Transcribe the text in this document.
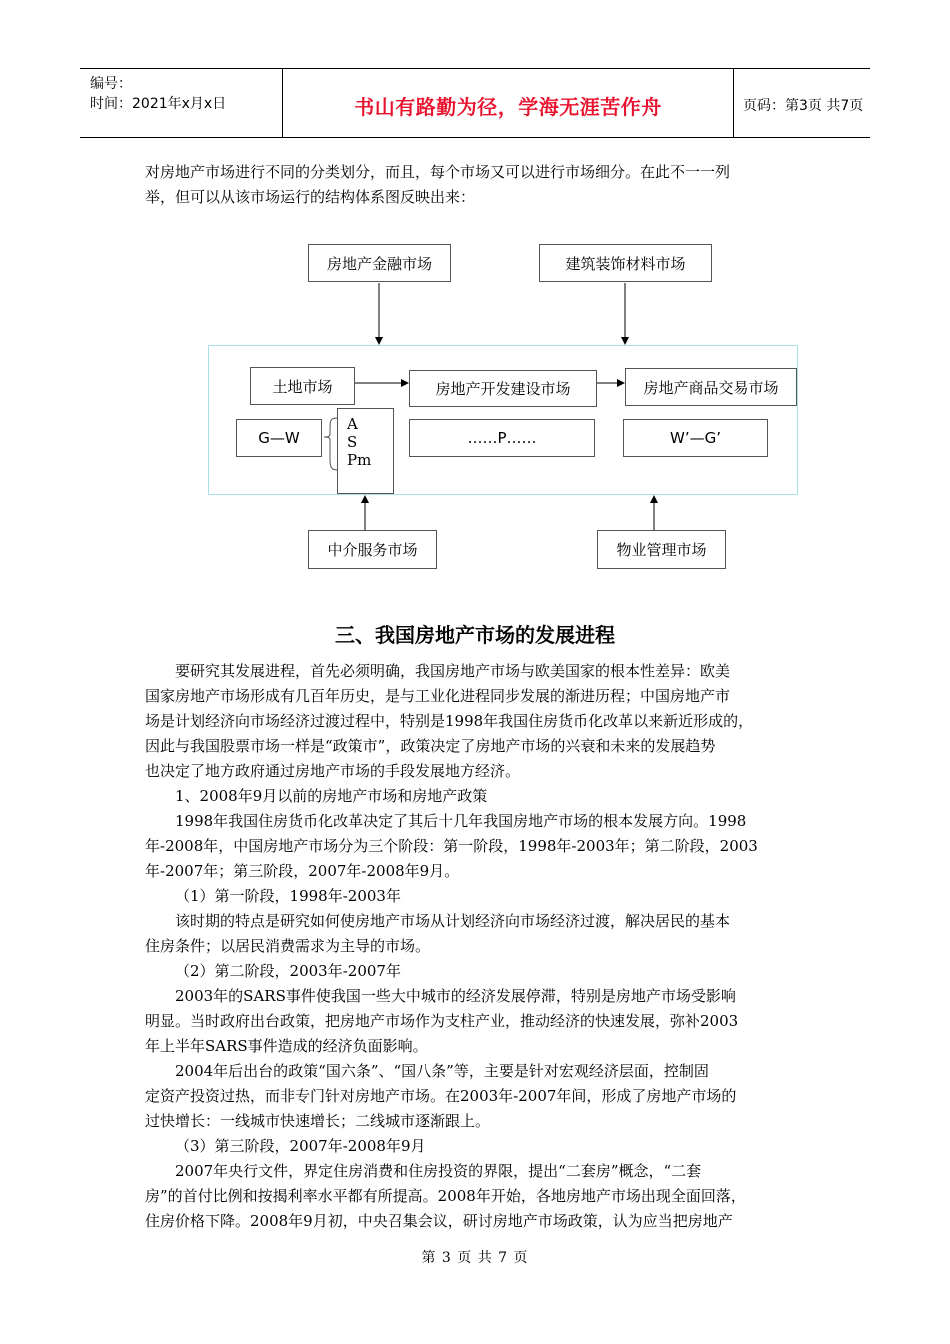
编号：
时间：2021年x月x日	书山有路勤为径，学海无涯苦作舟	页码：第3页 共7页
对房地产市场进行不同的分类划分，而且，每个市场又可以进行市场细分。在此不一一列
举，但可以从该市场运行的结构体系图反映出来：
房地产金融市场	建筑装饰材料市场
土地市场	房地产开发建设市场	房地产商品交易市场
G—W
A
S
Pm
……P……	W’—G’
中介服务市场	物业管理市场
三、我国房地产市场的发展进程
要研究其发展进程，首先必须明确，我国房地产市场与欧美国家的根本性差异：欧美
国家房地产市场形成有几百年历史，是与工业化进程同步发展的渐进历程；中国房地产市
场是计划经济向市场经济过渡过程中，特别是1998年我国住房货币化改革以来新近形成的，
因此与我国股票市场一样是“政策市”，政策决定了房地产市场的兴衰和未来的发展趋势
也决定了地方政府通过房地产市场的手段发展地方经济。
1、2008年9月以前的房地产市场和房地产政策
1998年我国住房货币化改革决定了其后十几年我国房地产市场的根本发展方向。1998
年-2008年，中国房地产市场分为三个阶段：第一阶段，1998年-2003年；第二阶段，2003
年-2007年；第三阶段，2007年-2008年9月。
（1）第一阶段，1998年-2003年
该时期的特点是研究如何使房地产市场从计划经济向市场经济过渡，解决居民的基本
住房条件；以居民消费需求为主导的市场。
（2）第二阶段，2003年-2007年
2003年的SARS事件使我国一些大中城市的经济发展停滞，特别是房地产市场受影响
明显。当时政府出台政策，把房地产市场作为支柱产业，推动经济的快速发展，弥补2003
年上半年SARS事件造成的经济负面影响。
2004年后出台的政策“国六条”、“国八条”等，主要是针对宏观经济层面，控制固
定资产投资过热，而非专门针对房地产市场。在2003年-2007年间，形成了房地产市场的
过快增长：一线城市快速增长；二线城市逐渐跟上。
（3）第三阶段，2007年-2008年9月
2007年央行文件，界定住房消费和住房投资的界限，提出“二套房”概念，“二套
房”的首付比例和按揭利率水平都有所提高。2008年开始，各地房地产市场出现全面回落，
住房价格下降。2008年9月初，中央召集会议，研讨房地产市场政策，认为应当把房地产
第 3 页 共 7 页
